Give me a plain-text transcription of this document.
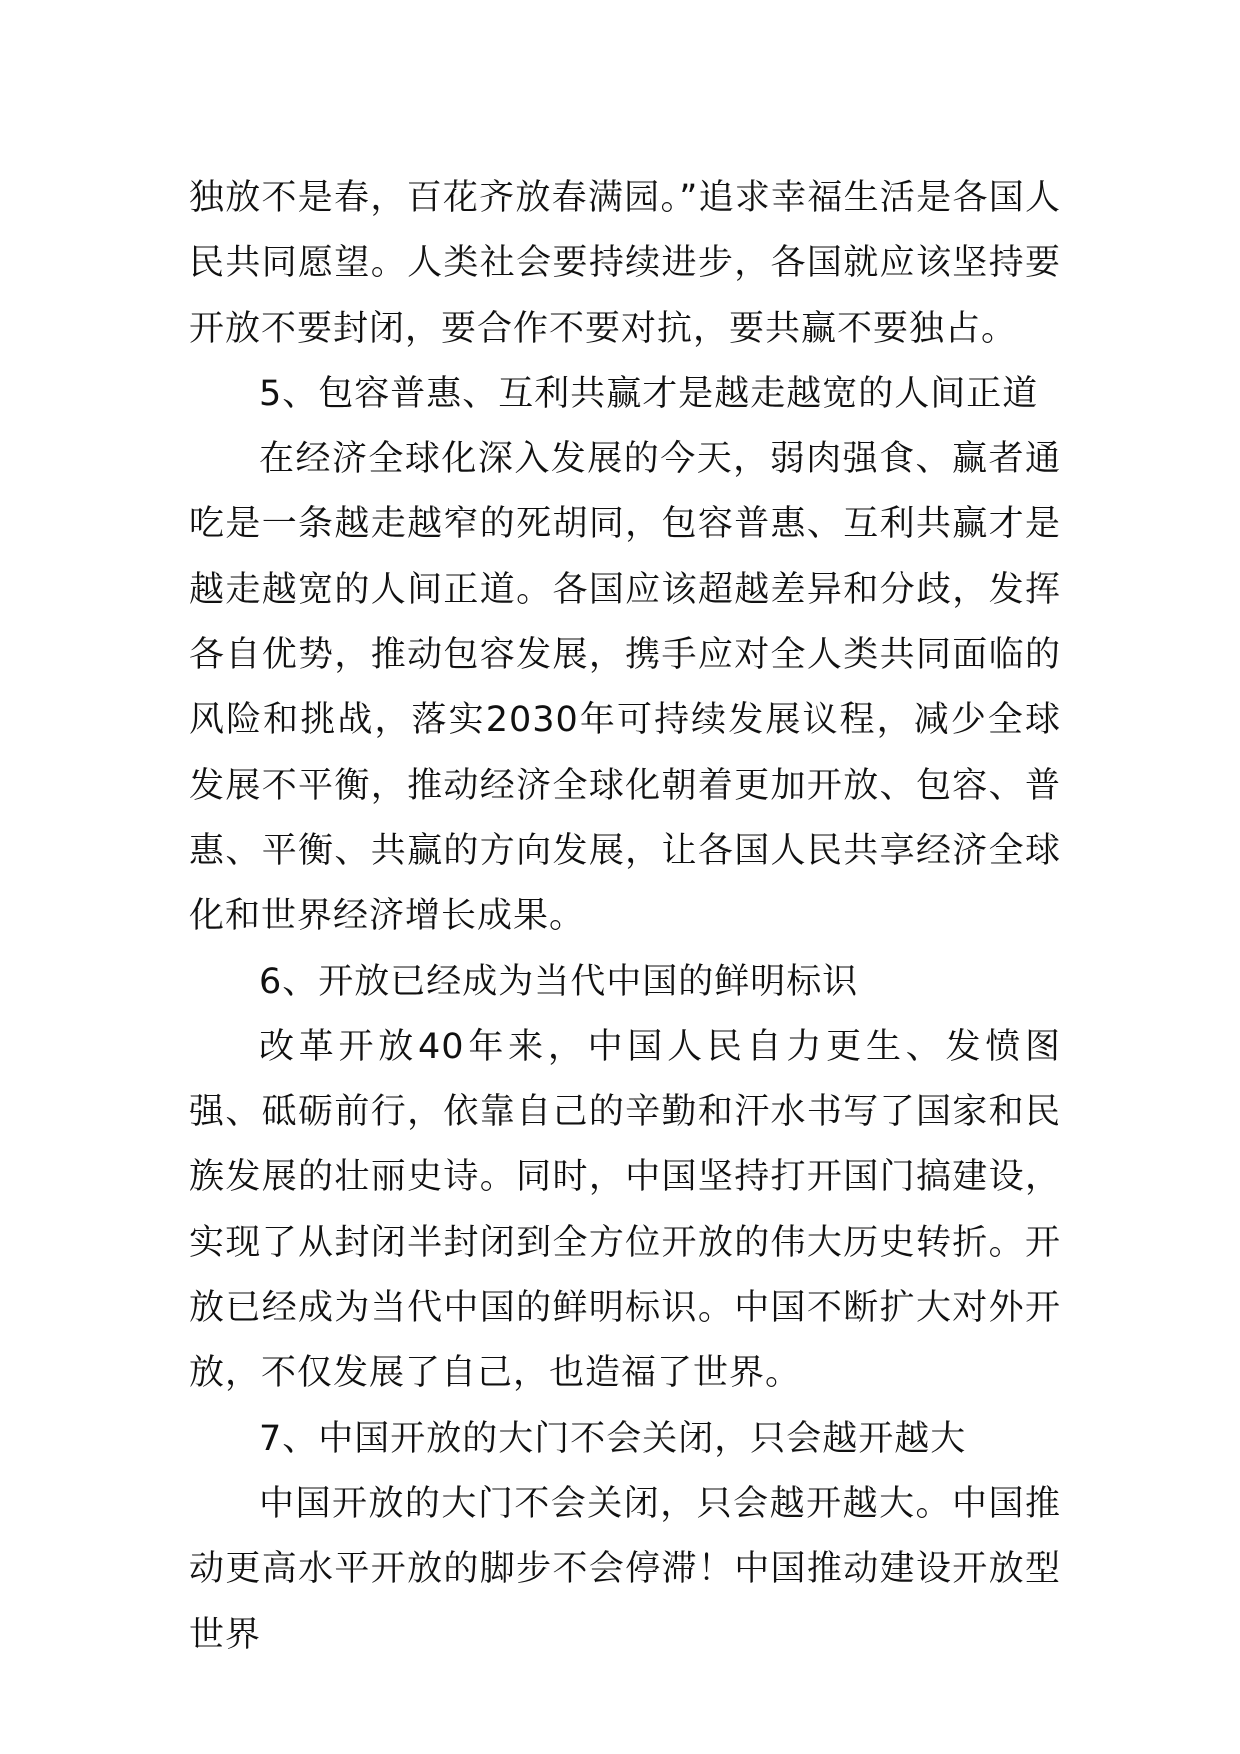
独放不是春，百花齐放春满园。”追求幸福生活是各国人民共同愿望。人类社会要持续进步，各国就应该坚持要开放不要封闭，要合作不要对抗，要共赢不要独占。

5、包容普惠、互利共赢才是越走越宽的人间正道

在经济全球化深入发展的今天，弱肉强食、赢者通吃是一条越走越窄的死胡同，包容普惠、互利共赢才是越走越宽的人间正道。各国应该超越差异和分歧，发挥各自优势，推动包容发展，携手应对全人类共同面临的风险和挑战，落实2030年可持续发展议程，减少全球发展不平衡，推动经济全球化朝着更加开放、包容、普惠、平衡、共赢的方向发展，让各国人民共享经济全球化和世界经济增长成果。

6、开放已经成为当代中国的鲜明标识

改革开放40年来，中国人民自力更生、发愤图强、砥砺前行，依靠自己的辛勤和汗水书写了国家和民族发展的壮丽史诗。同时，中国坚持打开国门搞建设，实现了从封闭半封闭到全方位开放的伟大历史转折。开放已经成为当代中国的鲜明标识。中国不断扩大对外开放，不仅发展了自己，也造福了世界。

7、中国开放的大门不会关闭，只会越开越大

中国开放的大门不会关闭，只会越开越大。中国推动更高水平开放的脚步不会停滞！中国推动建设开放型世界
